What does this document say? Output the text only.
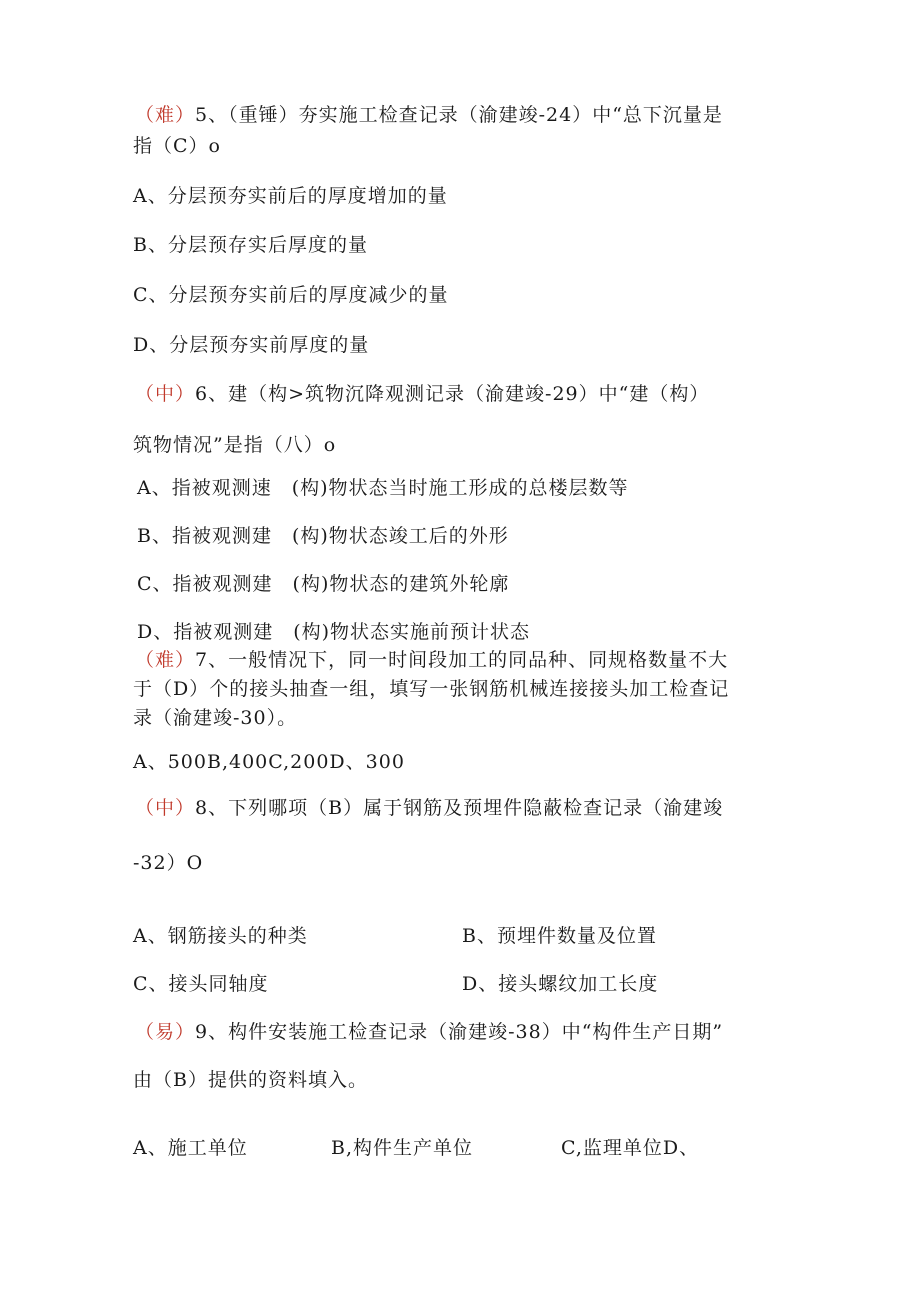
（难）5、（重锤）夯实施工检查记录（渝建竣-24）中“总下沉量是
指（C）o
A、分层预夯实前后的厚度增加的量
B、分层预存实后厚度的量
C、分层预夯实前后的厚度减少的量
D、分层预夯实前厚度的量
（中）6、建（构>筑物沉降观测记录（渝建竣-29）中“建（构）
筑物情况”是指（八）o
A、指被观测速　(构)物状态当时施工形成的总楼层数等
B、指被观测建　(构)物状态竣工后的外形
C、指被观测建　(构)物状态的建筑外轮廓
D、指被观测建　(构)物状态实施前预计状态
（难）7、一般情况下，同一时间段加工的同品种、同规格数量不大
于（D）个的接头抽查一组，填写一张钢筋机械连接接头加工检查记
录（渝建竣-30）。
A、500B,400C,200D、300
（中）8、下列哪项（B）属于钢筋及预埋件隐蔽检查记录（渝建竣
-32）O
A、钢筋接头的种类	B、预埋件数量及位置
C、接头同轴度	D、接头螺纹加工长度
（易）9、构件安装施工检查记录（渝建竣-38）中“构件生产日期”
由（B）提供的资料填入。
A、施工单位	B,构件生产单位	C,监理单位D、
